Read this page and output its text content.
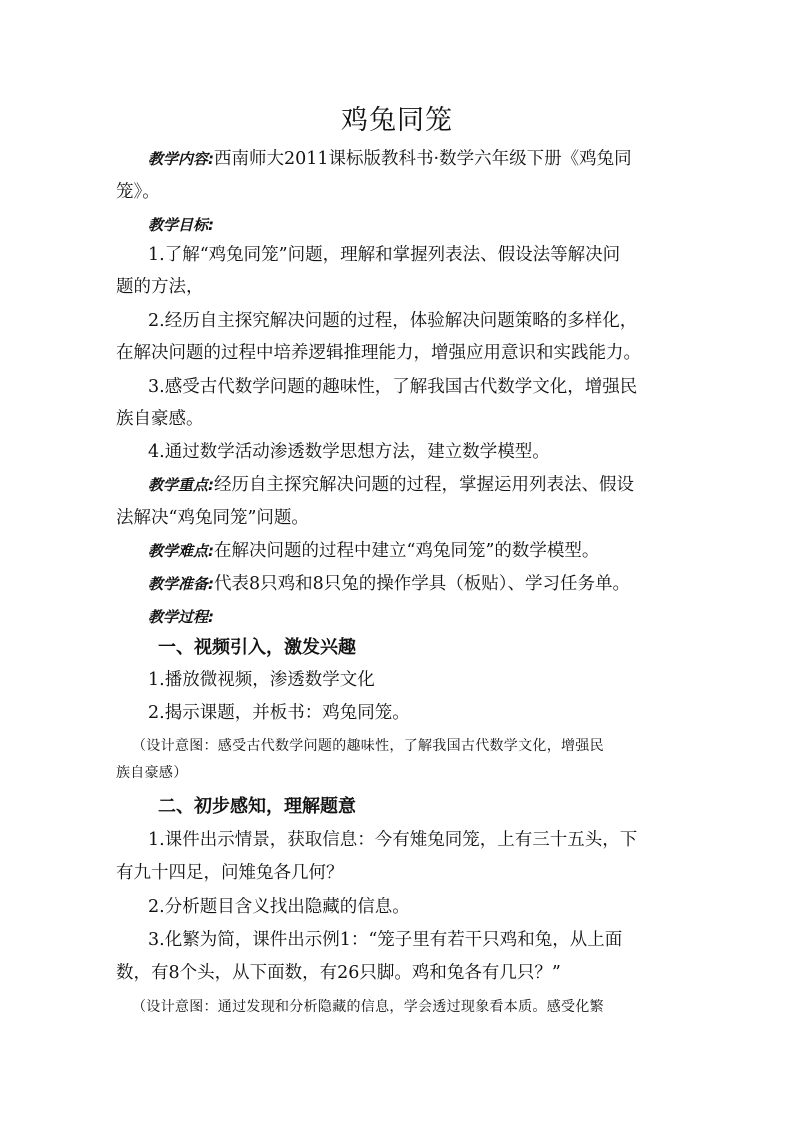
鸡兔同笼
教学内容:西南师大2011课标版教科书·数学六年级下册《鸡兔同
笼》。
教学目标:
1.了解“鸡兔同笼”问题，理解和掌握列表法、假设法等解决问
题的方法，
2.经历自主探究解决问题的过程，体验解决问题策略的多样化，
在解决问题的过程中培养逻辑推理能力，增强应用意识和实践能力。
3.感受古代数学问题的趣味性，了解我国古代数学文化，增强民
族自豪感。
4.通过数学活动渗透数学思想方法，建立数学模型。
教学重点:经历自主探究解决问题的过程，掌握运用列表法、假设
法解决“鸡兔同笼”问题。
教学难点:在解决问题的过程中建立“鸡兔同笼”的数学模型。
教学准备:代表8只鸡和8只兔的操作学具（板贴）、学习任务单。
教学过程:
一、视频引入，激发兴趣
1.播放微视频，渗透数学文化
2.揭示课题，并板书：鸡兔同笼。
（设计意图：感受古代数学问题的趣味性，了解我国古代数学文化，增强民
族自豪感）
二、初步感知，理解题意
1.课件出示情景，获取信息：今有雉兔同笼，上有三十五头，下
有九十四足，问雉兔各几何？
2.分析题目含义找出隐藏的信息。
3.化繁为简，课件出示例1：“笼子里有若干只鸡和兔，从上面
数，有8个头，从下面数，有26只脚。鸡和兔各有几只？”
（设计意图：通过发现和分析隐藏的信息，学会透过现象看本质。感受化繁
